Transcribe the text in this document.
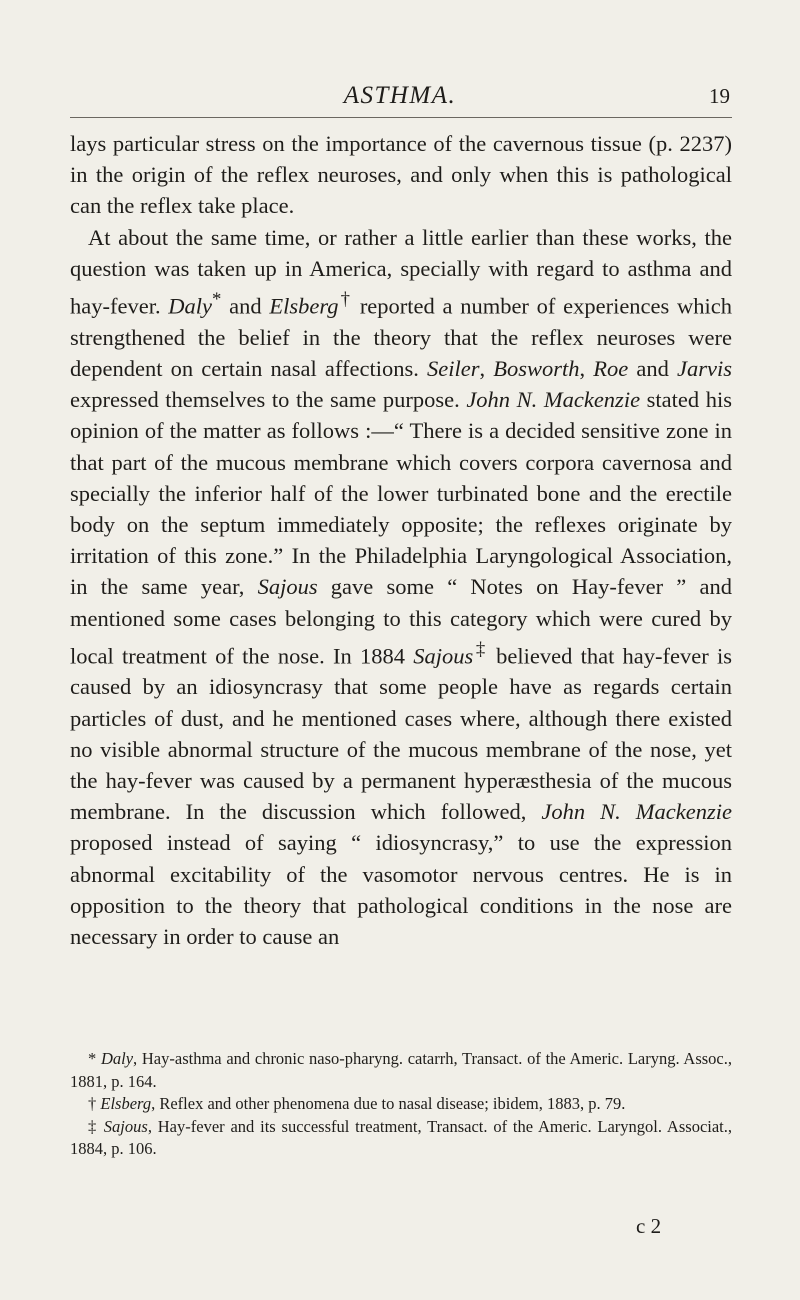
ASTHMA.	19

lays particular stress on the importance of the cavernous tissue (p. 2237) in the origin of the reflex neuroses, and only when this is pathological can the reflex take place.

At about the same time, or rather a little earlier than these works, the question was taken up in America, specially with regard to asthma and hay-fever. Daly* and Elsberg† reported a number of experiences which strengthened the belief in the theory that the reflex neuroses were dependent on certain nasal affections. Seiler, Bosworth, Roe and Jarvis expressed themselves to the same purpose. John N. Mackenzie stated his opinion of the matter as follows :—“ There is a decided sensitive zone in that part of the mucous membrane which covers corpora cavernosa and specially the inferior half of the lower turbinated bone and the erectile body on the septum immediately opposite; the reflexes originate by irritation of this zone.” In the Philadelphia Laryngological Association, in the same year, Sajous gave some “ Notes on Hay-fever ” and mentioned some cases belonging to this category which were cured by local treatment of the nose. In 1884 Sajous‡ believed that hay-fever is caused by an idiosyncrasy that some people have as regards certain particles of dust, and he mentioned cases where, although there existed no visible abnormal structure of the mucous membrane of the nose, yet the hay-fever was caused by a permanent hyperæsthesia of the mucous membrane. In the discussion which followed, John N. Mackenzie proposed instead of saying “ idiosyncrasy,” to use the expression abnormal excitability of the vasomotor nervous centres. He is in opposition to the theory that pathological conditions in the nose are necessary in order to cause an

* Daly, Hay-asthma and chronic naso-pharyng. catarrh, Transact. of the Americ. Laryng. Assoc., 1881, p. 164.

† Elsberg, Reflex and other phenomena due to nasal disease; ibidem, 1883, p. 79.

‡ Sajous, Hay-fever and its successful treatment, Transact. of the Americ. Laryngol. Associat., 1884, p. 106.

c 2
